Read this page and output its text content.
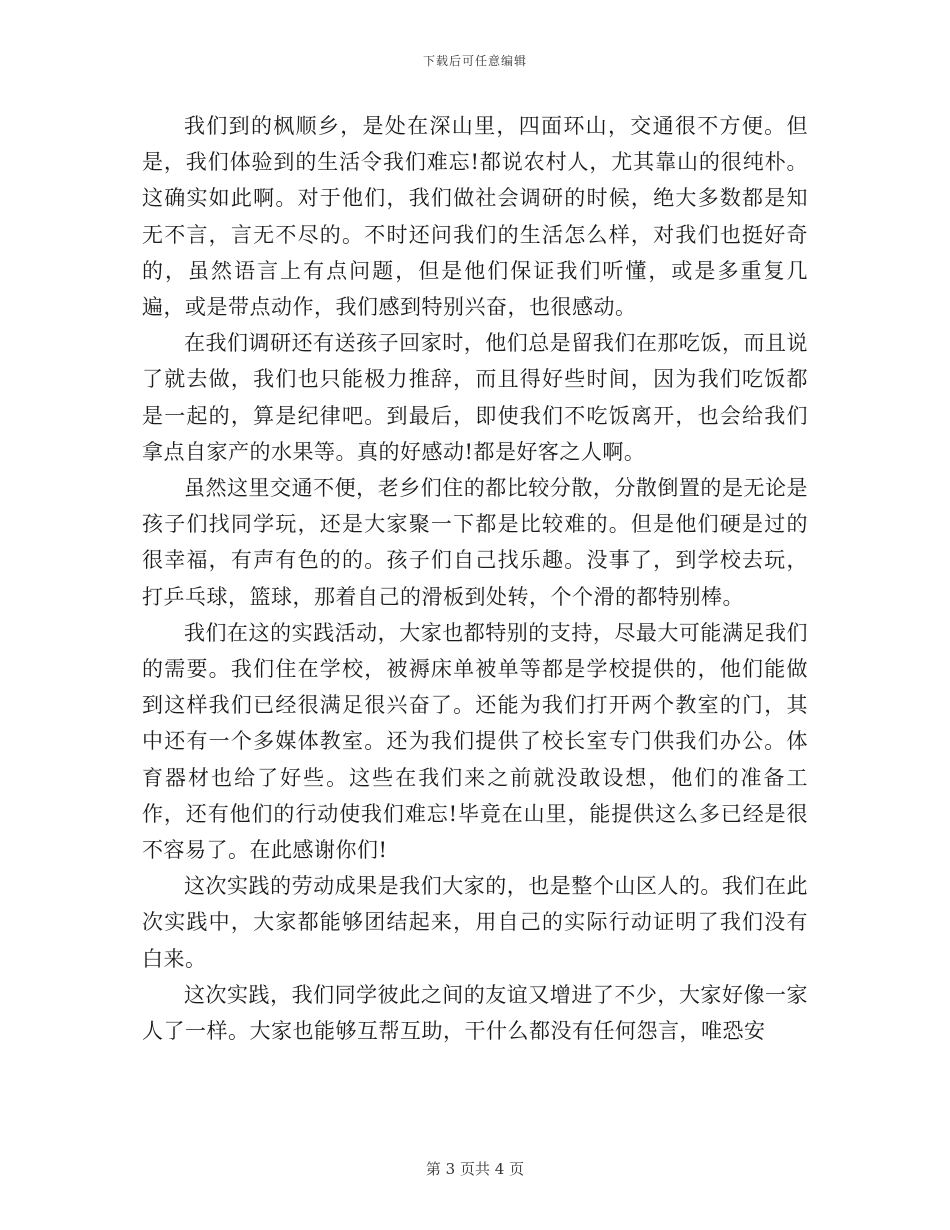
下载后可任意编辑

我们到的枫顺乡，是处在深山里，四面环山，交通很不方便。但是，我们体验到的生活令我们难忘!都说农村人，尤其靠山的很纯朴。这确实如此啊。对于他们，我们做社会调研的时候，绝大多数都是知无不言，言无不尽的。不时还问我们的生活怎么样，对我们也挺好奇的，虽然语言上有点问题，但是他们保证我们听懂，或是多重复几遍，或是带点动作，我们感到特别兴奋，也很感动。

在我们调研还有送孩子回家时，他们总是留我们在那吃饭，而且说了就去做，我们也只能极力推辞，而且得好些时间，因为我们吃饭都是一起的，算是纪律吧。到最后，即使我们不吃饭离开，也会给我们拿点自家产的水果等。真的好感动!都是好客之人啊。

虽然这里交通不便，老乡们住的都比较分散，分散倒置的是无论是孩子们找同学玩，还是大家聚一下都是比较难的。但是他们硬是过的很幸福，有声有色的的。孩子们自己找乐趣。没事了，到学校去玩，打乒乓球，篮球，那着自己的滑板到处转，个个滑的都特别棒。

我们在这的实践活动，大家也都特别的支持，尽最大可能满足我们的需要。我们住在学校，被褥床单被单等都是学校提供的，他们能做到这样我们已经很满足很兴奋了。还能为我们打开两个教室的门，其中还有一个多媒体教室。还为我们提供了校长室专门供我们办公。体育器材也给了好些。这些在我们来之前就没敢设想，他们的准备工作，还有他们的行动使我们难忘!毕竟在山里，能提供这么多已经是很不容易了。在此感谢你们!

这次实践的劳动成果是我们大家的，也是整个山区人的。我们在此次实践中，大家都能够团结起来，用自己的实际行动证明了我们没有白来。

这次实践，我们同学彼此之间的友谊又增进了不少，大家好像一家人了一样。大家也能够互帮互助，干什么都没有任何怨言，唯恐安

第 3 页共 4 页
